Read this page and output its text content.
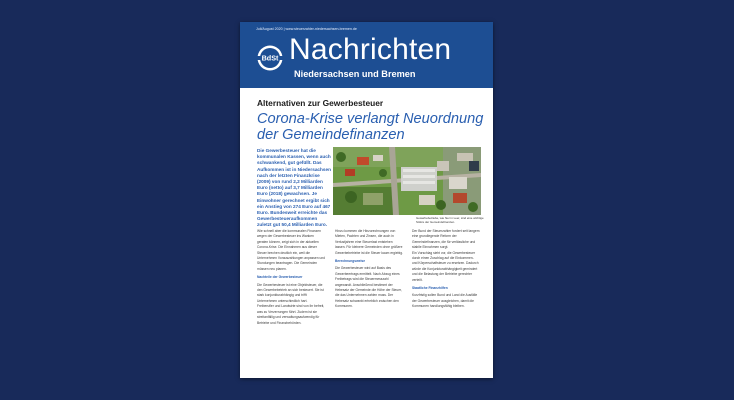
Juli/August 2020 | www.steuerzahler-niedersachsen-bremen.de
BdSt Nachrichten
Niedersachsen und Bremen
Alternativen zur Gewerbesteuer
Corona-Krise verlangt Neuordnung der Gemeindefinanzen
Die Gewerbesteuer hat die kommunalen Kassen, wenn auch schwankend, gut gefüllt. Das Aufkommen ist in Niedersachsen nach der letzten Finanzkrise (2009) von rund 2,2 Milliarden Euro (netto) auf 3,7 Milliarden Euro (2018) gewachsen. Je Einwohner gerechnet ergibt sich ein Anstieg von 274 Euro auf 467 Euro. Bundesweit erreichte das Gewerbesteueraufkommen zuletzt gut 50,4 Milliarden Euro.
Gewerbebetriebe, wie hier in Leer, sind eine wichtige Stütze der Gemeindefinanzen.

Wie schnell aber die kommunalen Finanzen wegen der Gewerbesteuer ins Wanken geraten können, zeigt sich in der aktuellen Corona-Krise. Die Einnahmen aus dieser Steuer brechen deutlich ein, weil die Unternehmen Vorauszahlungen anpassen und Stundungen beantragen. Die Gemeinden müssen neu planen.

Nachteile der Gewerbesteuer

Die Gewerbesteuer ist eine Objektsteuer, die den Gewerbebetrieb an sich besteuert. Sie ist stark konjunkturabhängig und trifft Unternehmen unterschiedlich hart. Freiberufler und Landwirte sind von ihr befreit, was zu Verzerrungen führt. Zudem ist sie streitanfällig und verwaltungsaufwendig für Betriebe und Finanzbehörden.

Hinzu kommen die Hinzurechnungen von Mieten, Pachten und Zinsen, die auch in Verlustjahren eine Steuerlast entstehen lassen. Für kleinere Gemeinden ohne größere Gewerbebetriebe ist die Steuer kaum ergiebig.

Berechnungsweise

Die Gewerbesteuer wird auf Basis des Gewerbeertrags ermittelt. Nach Abzug eines Freibetrags wird die Steuermesszahl angewandt. Anschließend bestimmt der Hebesatz der Gemeinde die Höhe der Steuer, die das Unternehmen zahlen muss. Der Hebesatz schwankt erheblich zwischen den Kommunen.

Der Bund der Steuerzahler fordert seit langem eine grundlegende Reform der Gemeindefinanzen, die für verlässliche und stabile Einnahmen sorgt.

Ein Vorschlag sieht vor, die Gewerbesteuer durch einen Zuschlag auf die Einkommen- und Körperschaftsteuer zu ersetzen. Dadurch würde die Konjunkturabhängigkeit gemindert und die Belastung der Betriebe gerechter verteilt.

Staatliche Finanzhilfen

Kurzfristig sollen Bund und Land die Ausfälle der Gewerbesteuer ausgleichen, damit die Kommunen handlungsfähig bleiben.
